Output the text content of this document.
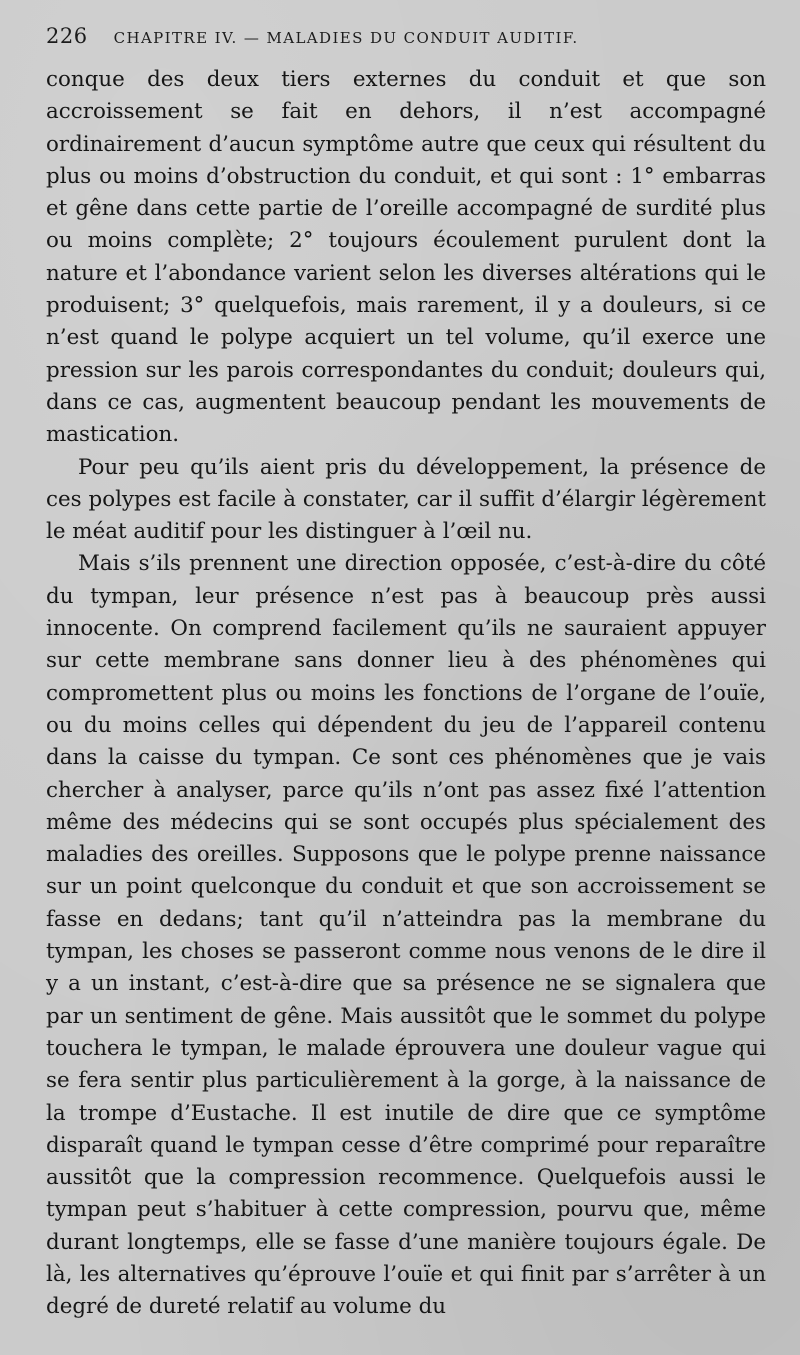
226 CHAPITRE IV. — MALADIES DU CONDUIT AUDITIF.

conque des deux tiers externes du conduit et que son accroissement se fait en dehors, il n’est accompagné ordinairement d’aucun symptôme autre que ceux qui résultent du plus ou moins d’obstruction du conduit, et qui sont : 1° embarras et gêne dans cette partie de l’oreille accompagné de surdité plus ou moins complète; 2° toujours écoulement purulent dont la nature et l’abondance varient selon les diverses altérations qui le produisent; 3° quelquefois, mais rarement, il y a douleurs, si ce n’est quand le polype acquiert un tel volume, qu’il exerce une pression sur les parois correspondantes du conduit; douleurs qui, dans ce cas, augmentent beaucoup pendant les mouvements de mastication.

Pour peu qu’ils aient pris du développement, la présence de ces polypes est facile à constater, car il suffit d’élargir légèrement le méat auditif pour les distinguer à l’œil nu.

Mais s’ils prennent une direction opposée, c’est-à-dire du côté du tympan, leur présence n’est pas à beaucoup près aussi innocente. On comprend facilement qu’ils ne sauraient appuyer sur cette membrane sans donner lieu à des phénomènes qui compromettent plus ou moins les fonctions de l’organe de l’ouïe, ou du moins celles qui dépendent du jeu de l’appareil contenu dans la caisse du tympan. Ce sont ces phénomènes que je vais chercher à analyser, parce qu’ils n’ont pas assez fixé l’attention même des médecins qui se sont occupés plus spécialement des maladies des oreilles. Supposons que le polype prenne naissance sur un point quelconque du conduit et que son accroissement se fasse en dedans; tant qu’il n’atteindra pas la membrane du tympan, les choses se passeront comme nous venons de le dire il y a un instant, c’est-à-dire que sa présence ne se signalera que par un sentiment de gêne. Mais aussitôt que le sommet du polype touchera le tympan, le malade éprouvera une douleur vague qui se fera sentir plus particulièrement à la gorge, à la naissance de la trompe d’Eustache. Il est inutile de dire que ce symptôme disparaît quand le tympan cesse d’être comprimé pour reparaître aussitôt que la compression recommence. Quelquefois aussi le tympan peut s’habituer à cette compression, pourvu que, même durant longtemps, elle se fasse d’une manière toujours égale. De là, les alternatives qu’éprouve l’ouïe et qui finit par s’arrêter à un degré de dureté relatif au volume du
